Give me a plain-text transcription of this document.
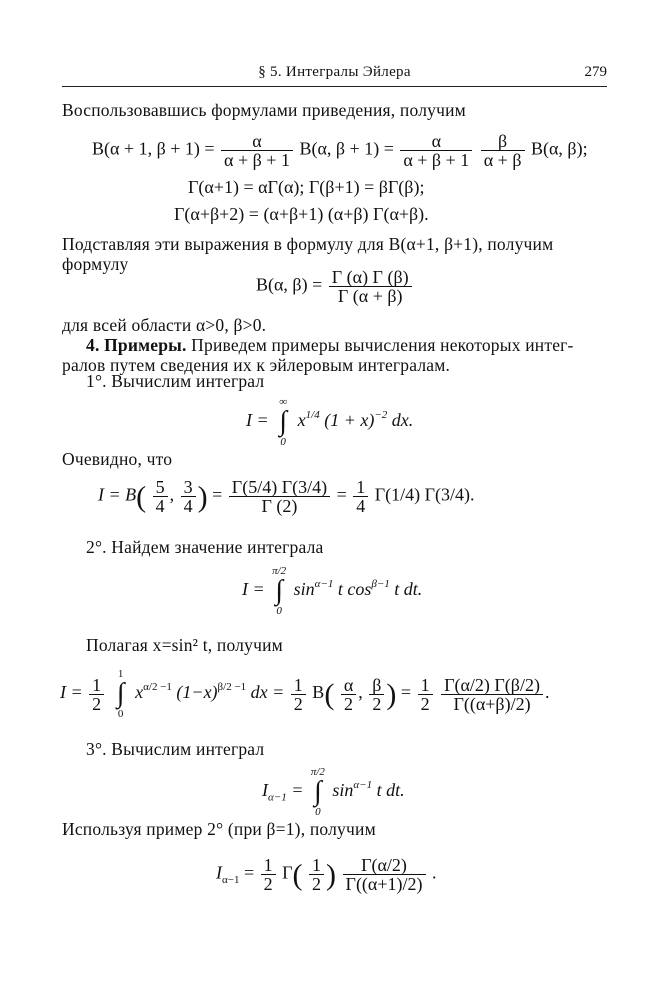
§ 5. Интегралы Эйлера	279
Воспользовавшись формулами приведения, получим
B(α + 1, $\beta + 1) = \frac{\alpha}{\alpha + \beta + 1} B(\alpha$, $\beta + 1) = \frac{\alpha}{\alpha + \beta + 1}$
$\frac{\beta}{\alpha + \beta} B(\alpha$, β);
Γ(α+1) = αΓ(α); Γ(β+1) = βΓ(β);
Γ(α+β+2) = (α+β+1) (α+β) Γ(α+β).
Подставляя эти выражения в формулу для B(α+1, β+1), получим
формулу
B(α, $\beta) = \frac{\Gamma (\alpha) \Gamma (\beta)}{\Gamma (\alpha + \beta)}$
для всей области α>0, β>0.
4. Примеры. Приведем примеры вычисления некоторых интег-
ралов путем сведения их к эйлеровым интегралам.
1°. Вычислим интеграл
I =
∞
∫
0
$x^{1/4}$ $(1 + x)^{-2}$ dx.
Очевидно, что
$I = B( \frac{5}{4}$ , $\frac{3}{4}$ ) = $\frac{\Gamma(5/4) \Gamma(3/4)}{\Gamma (2)} = \frac{1}{4} \Gamma(1/4)$ Γ(3/4).
2°. Найдем значение интеграла
I =
π/2
∫
0
$\sin^{\alpha-1} t$ $\cos^{\beta-1} t$ dt.
Полагая x=sin² t, получим
$I = \frac{1}{2}$

1
∫
0
$x^{\alpha/2 -1}$ $(1-x)^{\beta/2 -1}$ dx = $\frac{1}{2} B( \frac{\alpha}{2}$ , $\frac{\beta}{2}$ ) = $\frac{1}{2}$
$\frac{\Gamma(\alpha/2) \Gamma(\beta/2)}{\Gamma((\alpha+\beta)/2)}$ .
3°. Вычислим интеграл
$I_{\alpha-1}$ =
π/2
∫
0
$\sin^{\alpha-1} t$ dt.
Используя пример 2° (при β=1), получим
$I_{\alpha-1} = \frac{1}{2} \Gamma( \frac{1}{2}$ ) $\frac{\Gamma(\alpha/2)}{\Gamma((\alpha+1)/2)}$ .
